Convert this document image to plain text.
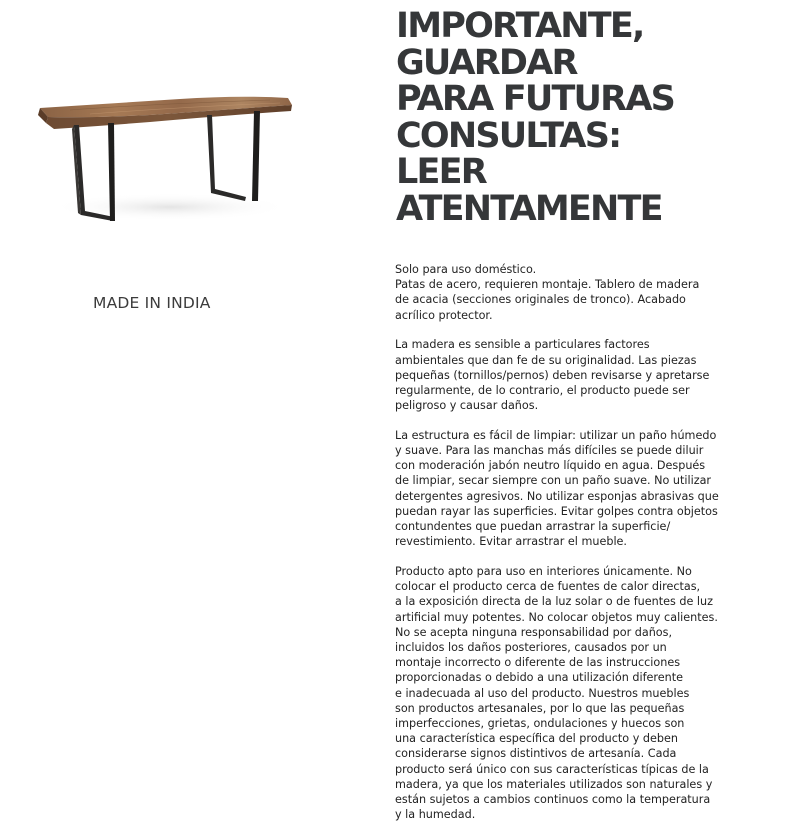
MADE IN INDIA
IMPORTANTE,
GUARDAR
PARA FUTURAS
CONSULTAS:
LEER
ATENTAMENTE

Solo para uso doméstico.
Patas de acero, requieren montaje. Tablero de madera
de acacia (secciones originales de tronco). Acabado
acrílico protector.

La madera es sensible a particulares factores
ambientales que dan fe de su originalidad. Las piezas
pequeñas (tornillos/pernos) deben revisarse y apretarse
regularmente, de lo contrario, el producto puede ser
peligroso y causar daños.

La estructura es fácil de limpiar: utilizar un paño húmedo
y suave. Para las manchas más difíciles se puede diluir
con moderación jabón neutro líquido en agua. Después
de limpiar, secar siempre con un paño suave. No utilizar
detergentes agresivos. No utilizar esponjas abrasivas que
puedan rayar las superficies. Evitar golpes contra objetos
contundentes que puedan arrastrar la superficie/
revestimiento. Evitar arrastrar el mueble.

Producto apto para uso en interiores únicamente. No
colocar el producto cerca de fuentes de calor directas,
a la exposición directa de la luz solar o de fuentes de luz
artificial muy potentes. No colocar objetos muy calientes.
No se acepta ninguna responsabilidad por daños,
incluidos los daños posteriores, causados por un
montaje incorrecto o diferente de las instrucciones
proporcionadas o debido a una utilización diferente
e inadecuada al uso del producto. Nuestros muebles
son productos artesanales, por lo que las pequeñas
imperfecciones, grietas, ondulaciones y huecos son
una característica específica del producto y deben
considerarse signos distintivos de artesanía. Cada
producto será único con sus características típicas de la
madera, ya que los materiales utilizados son naturales y
están sujetos a cambios continuos como la temperatura
y la humedad.
